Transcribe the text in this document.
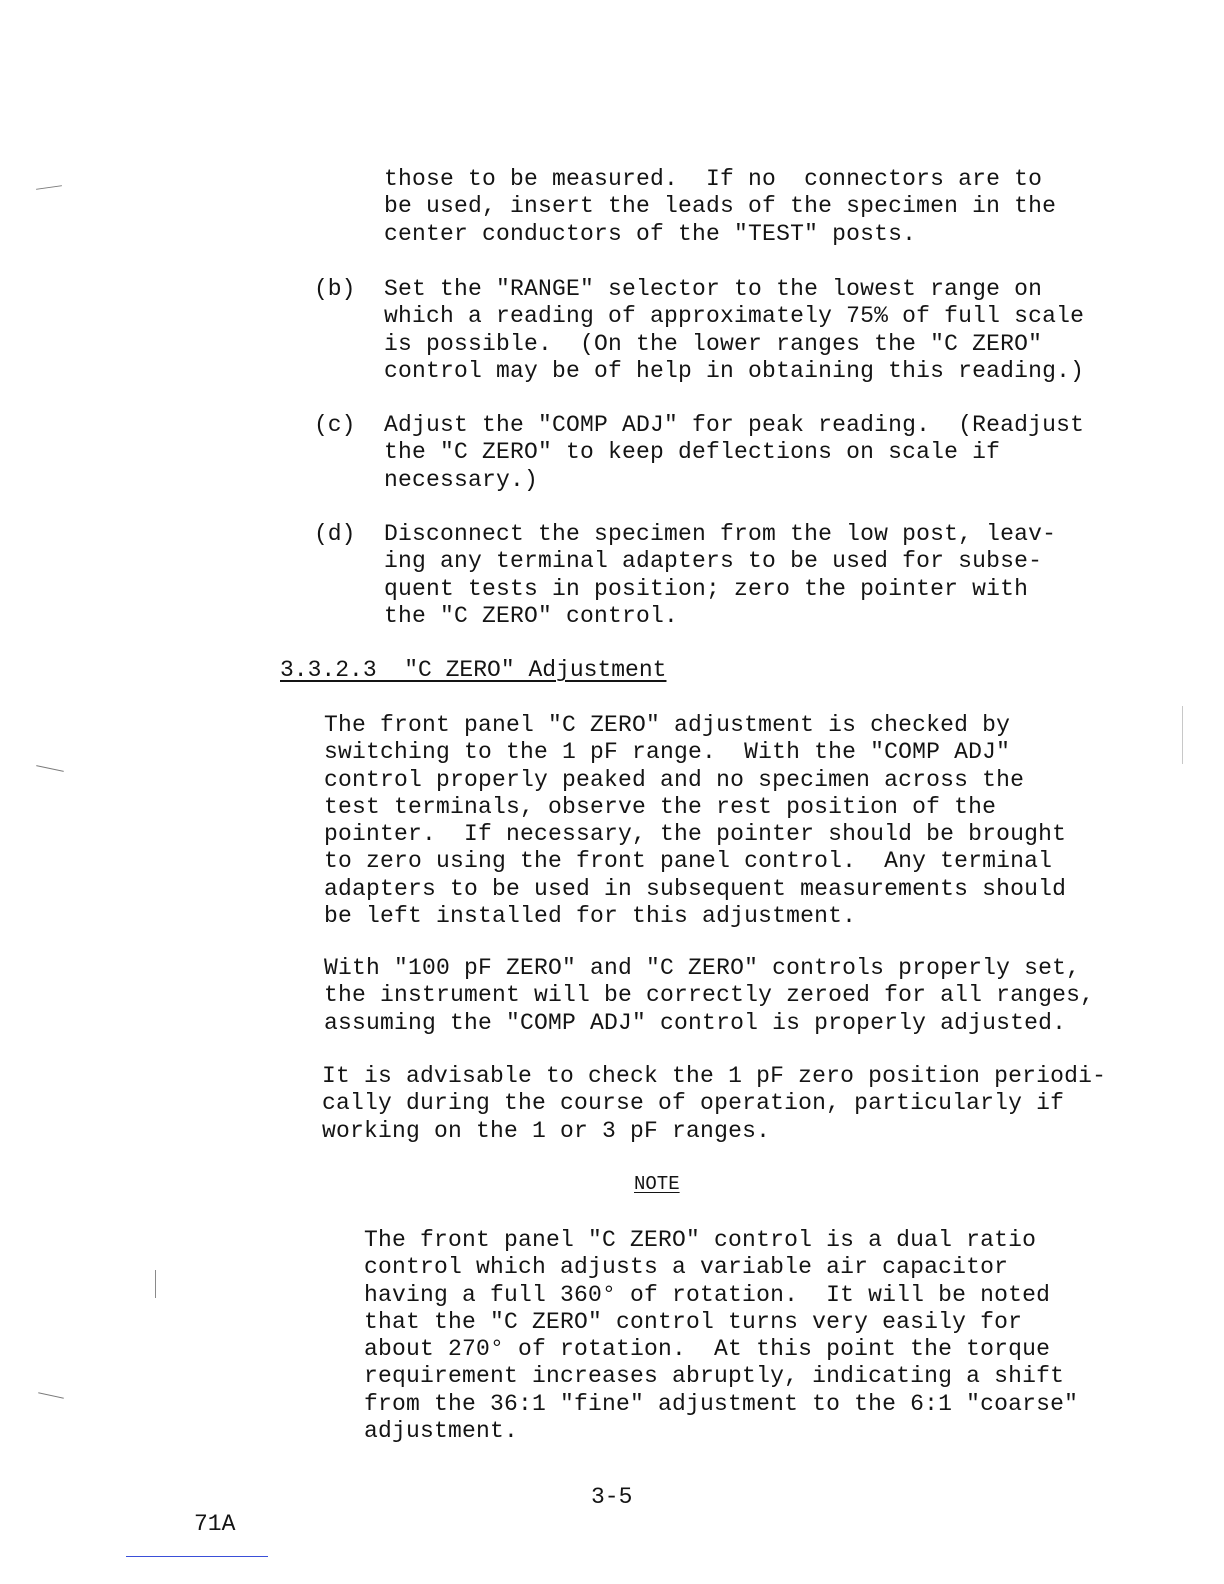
those to be measured.  If no  connectors are to
be used, insert the leads of the specimen in the
center conductors of the "TEST" posts.
(b) Set the "RANGE" selector to the lowest range on
which a reading of approximately 75% of full scale
is possible.  (On the lower ranges the "C ZERO"
control may be of help in obtaining this reading.)
(c) Adjust the "COMP ADJ" for peak reading.  (Readjust
the "C ZERO" to keep deflections on scale if
necessary.)
(d) Disconnect the specimen from the low post, leav-
ing any terminal adapters to be used for subse-
quent tests in position; zero the pointer with
the "C ZERO" control.
3.3.2.3  "C ZERO" Adjustment
The front panel "C ZERO" adjustment is checked by
switching to the 1 pF range.  With the "COMP ADJ"
control properly peaked and no specimen across the
test terminals, observe the rest position of the
pointer.  If necessary, the pointer should be brought
to zero using the front panel control.  Any terminal
adapters to be used in subsequent measurements should
be left installed for this adjustment.
With "100 pF ZERO" and "C ZERO" controls properly set,
the instrument will be correctly zeroed for all ranges,
assuming the "COMP ADJ" control is properly adjusted.
It is advisable to check the 1 pF zero position periodi-
cally during the course of operation, particularly if
working on the 1 or 3 pF ranges.
NOTE
The front panel "C ZERO" control is a dual ratio
control which adjusts a variable air capacitor
having a full 360° of rotation.  It will be noted
that the "C ZERO" control turns very easily for
about 270° of rotation.  At this point the torque
requirement increases abruptly, indicating a shift
from the 36:1 "fine" adjustment to the 6:1 "coarse"
adjustment.
3-5
71A
